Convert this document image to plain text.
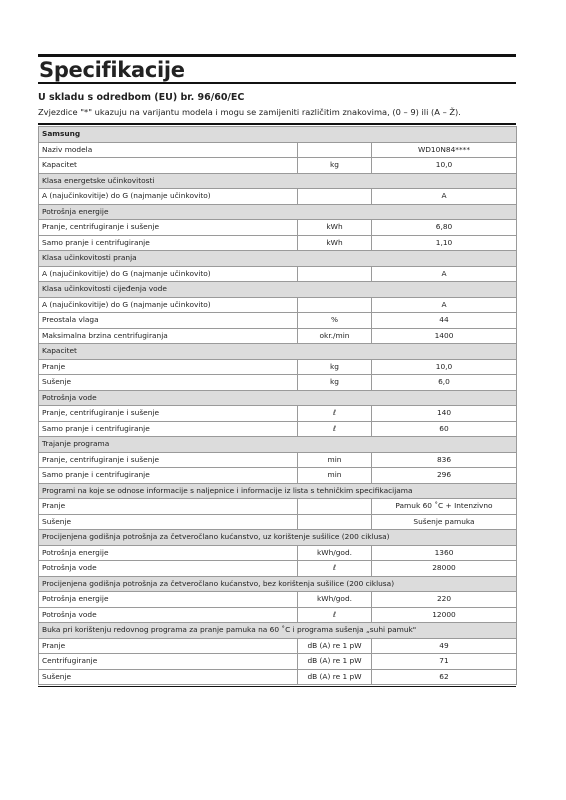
Specifikacije
U skladu s odredbom (EU) br. 96/60/EC
Zvjezdice "*" ukazuju na varijantu modela i mogu se zamijeniti različitim znakovima, (0 – 9) ili (A – Ž).
Samsung		
Naziv modela		WD10N84****
Kapacitet	kg	10,0
Klasa energetske učinkovitosti		
A (najučinkovitije) do G (najmanje učinkovito)		A
Potrošnja energije		
Pranje, centrifugiranje i sušenje	kWh	6,80
Samo pranje i centrifugiranje	kWh	1,10
Klasa učinkovitosti pranja		
A (najučinkovitije) do G (najmanje učinkovito)		A
Klasa učinkovitosti cijeđenja vode		
A (najučinkovitije) do G (najmanje učinkovito)		A
Preostala vlaga	%	44
Maksimalna brzina centrifugiranja	okr./min	1400
Kapacitet		
Pranje	kg	10,0
Sušenje	kg	6,0
Potrošnja vode		
Pranje, centrifugiranje i sušenje	ℓ	140
Samo pranje i centrifugiranje	ℓ	60
Trajanje programa		
Pranje, centrifugiranje i sušenje	min	836
Samo pranje i centrifugiranje	min	296
Programi na koje se odnose informacije s naljepnice i informacije iz lista s tehničkim specifikacijama		
Pranje		Pamuk 60 ˚C + Intenzivno
Sušenje		Sušenje pamuka
Procijenjena godišnja potrošnja za četveročlano kućanstvo, uz korištenje sušilice (200 ciklusa)		
Potrošnja energije	kWh/god.	1360
Potrošnja vode	ℓ	28000
Procijenjena godišnja potrošnja za četveročlano kućanstvo, bez korištenja sušilice (200 ciklusa)		
Potrošnja energije	kWh/god.	220
Potrošnja vode	ℓ	12000
Buka pri korištenju redovnog programa za pranje pamuka na 60 ˚C i programa sušenja „suhi pamuk"		
Pranje	dB (A) re 1 pW	49
Centrifugiranje	dB (A) re 1 pW	71
Sušenje	dB (A) re 1 pW	62
